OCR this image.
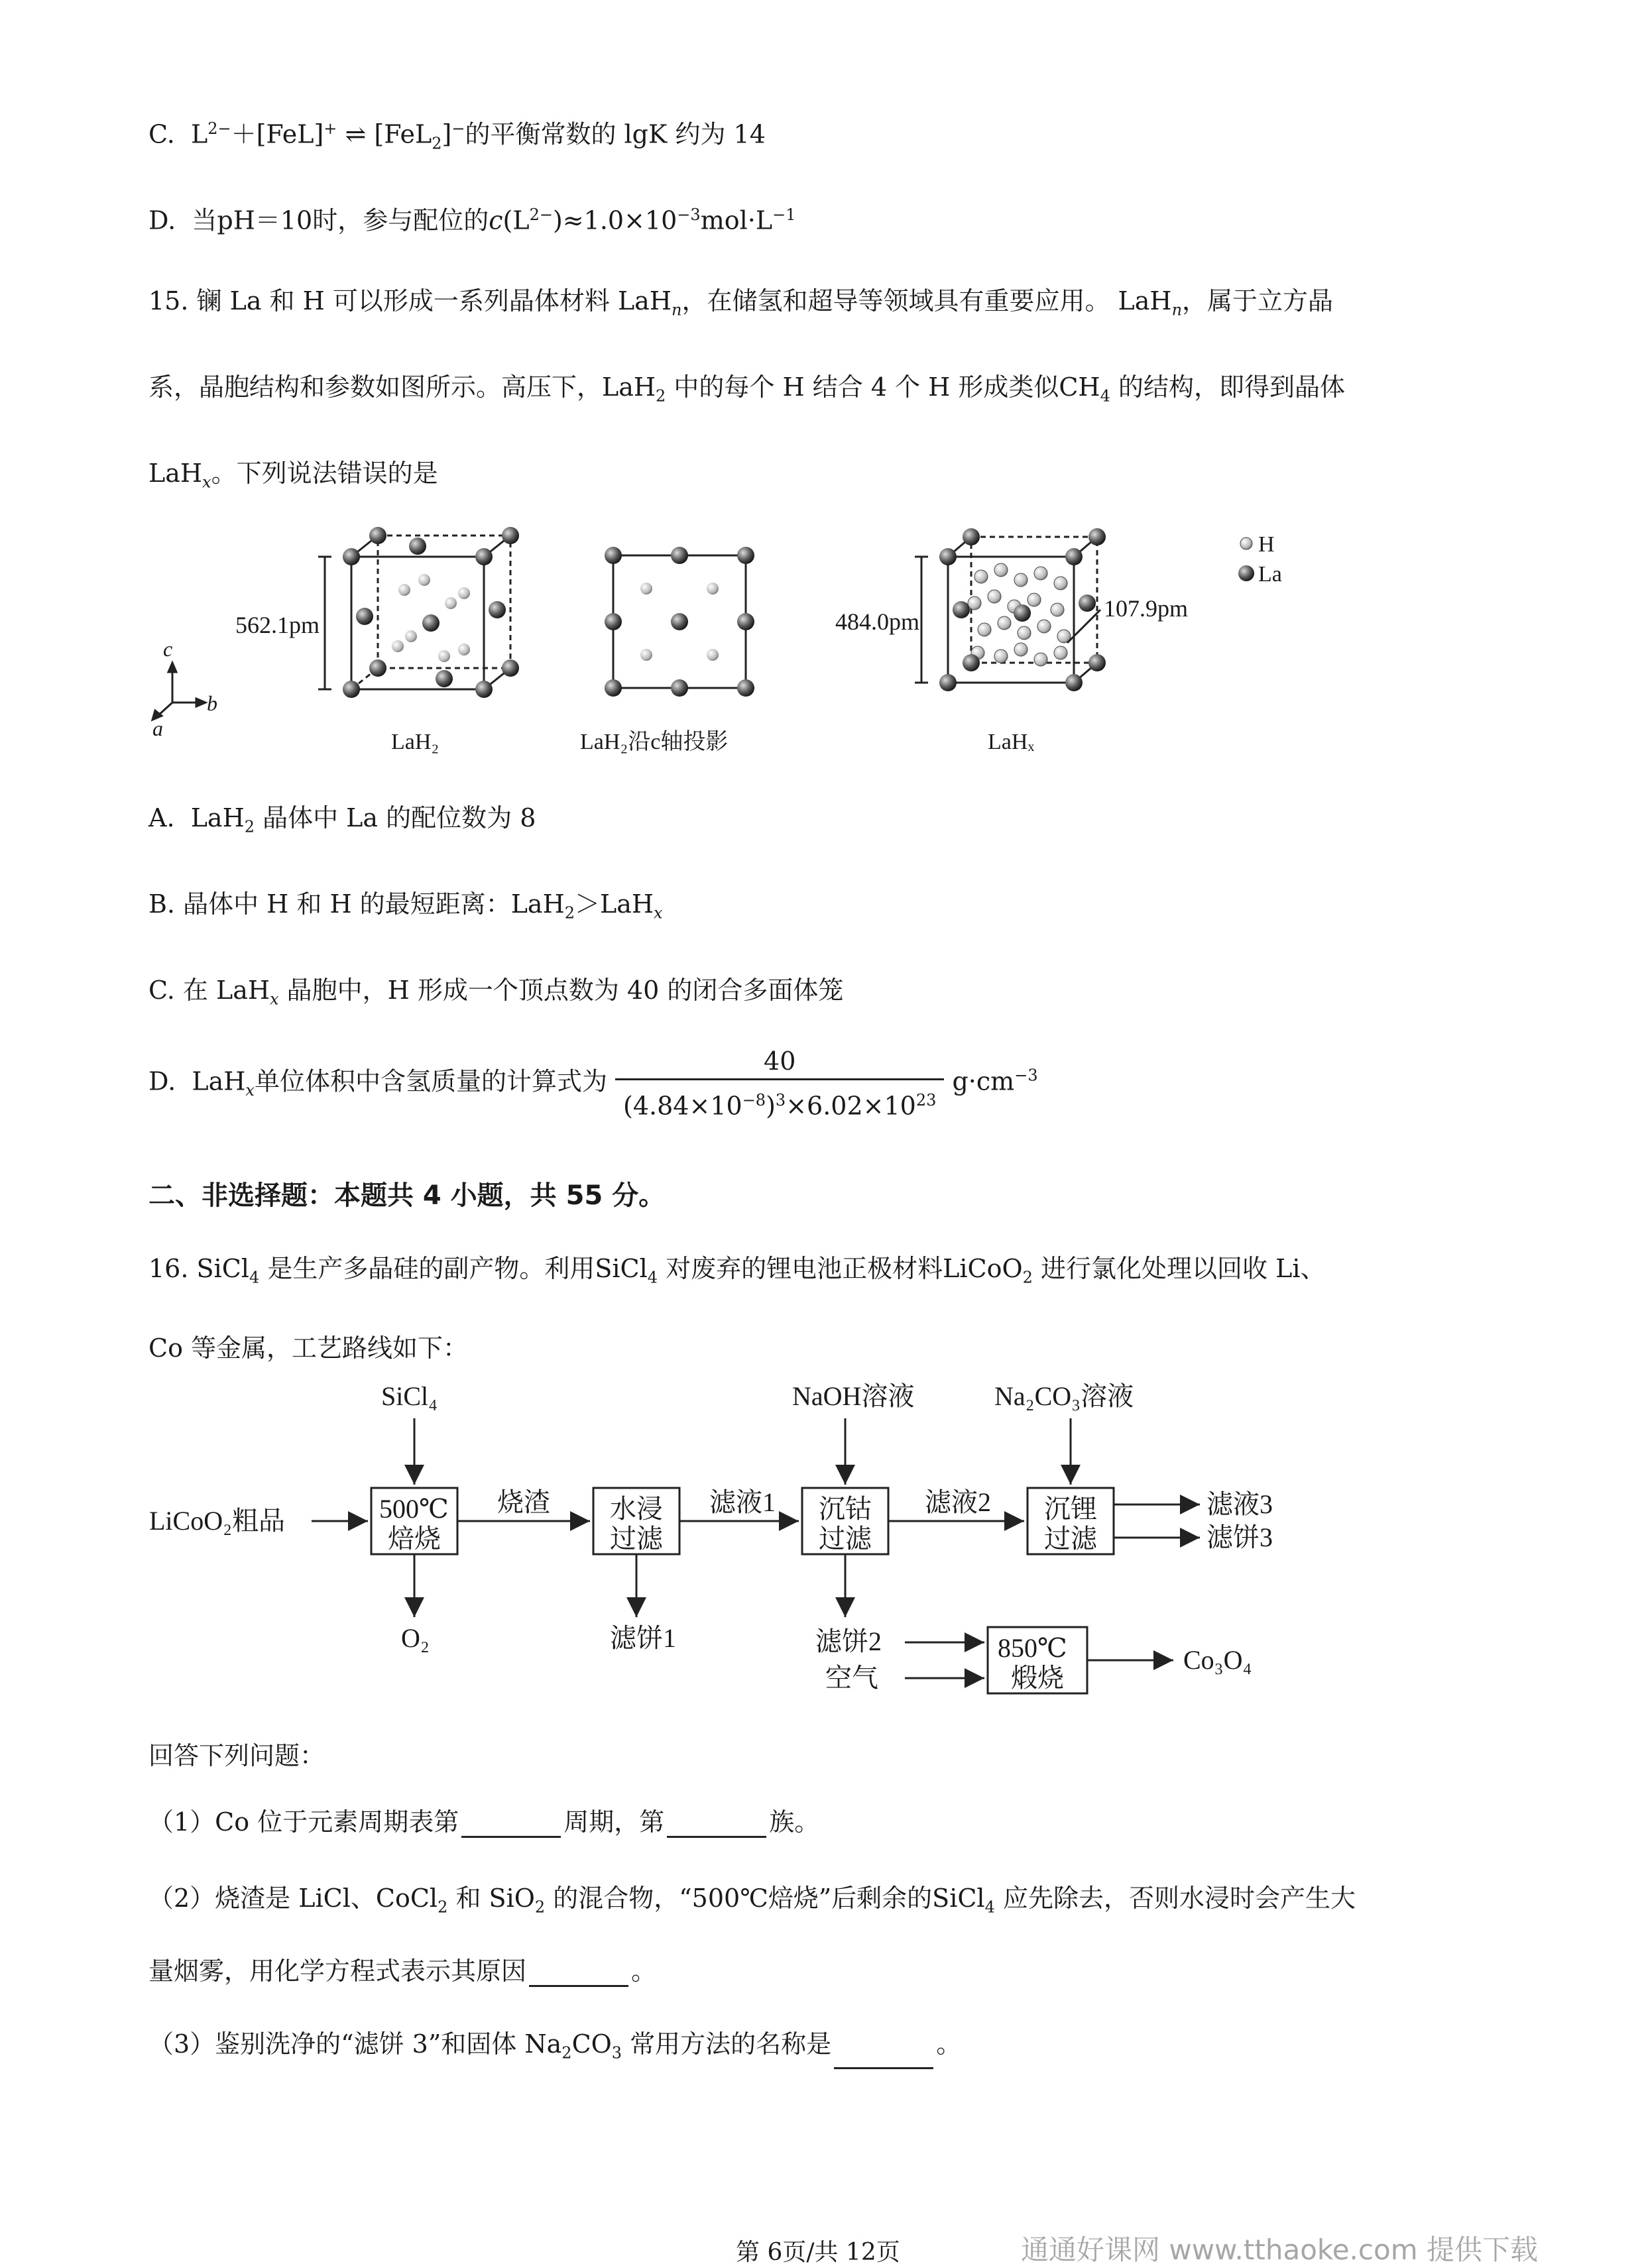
C.  $L^{2-}+[FeL]^+$ ⇌ [FeL$_2$]−的平衡常数的 lgK 约为 14
D. 当pH＝10时，参与配位的$c(L^{2-})\approx 1.0\times 10^{-3}mol\cdot L^{-1}$
15. 镧 La 和 H 可以形成一系列晶体材料 LaH$_n$，在储氢和超导等领域具有重要应用。 LaH$_n$，属于立方晶
系，晶胞结构和参数如图所示。高压下，LaH$_2$ 中的每个 H 结合 4 个 H 形成类似$CH_4$ 的结构，即得到晶体
LaH$_x$。下列说法错误的是
562.1pm
c
b
a
484.0pm	107.9pm
H
La
LaH₂	LaH₂沿c轴投影	LaHₓ
A.  LaH$_2$ 晶体中 La 的配位数为 8
B. 晶体中 H 和 H 的最短距离：LaH$_2$＞LaH$_x$
C. 在 LaH$_x$ 晶胞中，H 形成一个顶点数为 40 的闭合多面体笼
D.  LaH$_x$单位体积中含氢质量的计算式为 $\frac{40}{(4.84\times 10^{-8})^3\times 6.02\times 10^{23}} g\cdot cm^{-3}$
二、非选择题：本题共 4 小题，共 55 分。
16. SiCl$_4$ 是生产多晶硅的副产物。利用SiCl$_4$ 对废弃的锂电池正极材料LiCoO$_2$ 进行氯化处理以回收 Li、
Co 等金属，工艺路线如下：
SiCl₄	NaOH溶液	Na₂CO₃溶液
LiCoO₂粗品	500℃
焙烧
烧渣 水浸
过滤
滤液1 沉钴
过滤
滤液2 沉锂
过滤
滤液3
滤饼3
O₂	滤饼1	滤饼2
空气
850℃
煅烧
Co₃O₄
回答下列问题：
（1）Co 位于元素周期表第	周期，第	族。
（2）烧渣是 LiCl、CoCl$_2$ 和 SiO$_2$ 的混合物，“500℃焙烧”后剩余的SiCl$_4$ 应先除去，否则水浸时会产生大
量烟雾，用化学方程式表示其原因	。
（3）鉴别洗净的“滤饼 3”和固体 $Na_2CO_3$ 常用方法的名称是	。
第 6页/共 12页	通通好课网 www.tthaoke.com 提供下载
